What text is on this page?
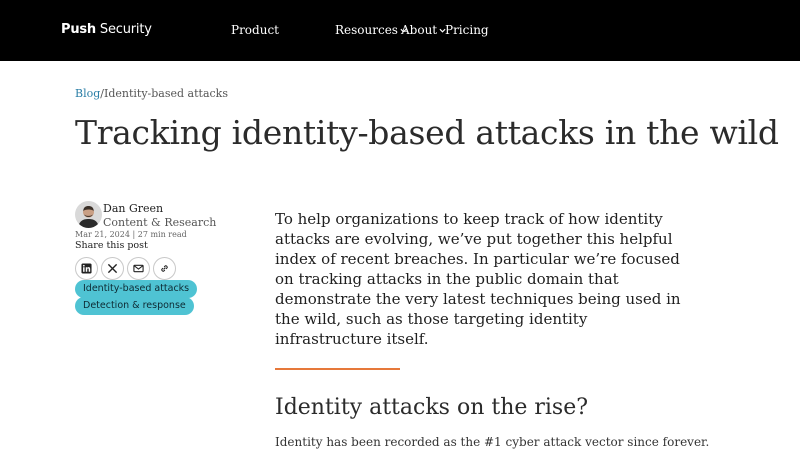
Push Security	Product	Resources About Pricing
Blog/Identity-based attacks
Tracking identity-based attacks in the wild
Dan Green
Content & Research
Mar 21, 2024 | 27 min read
Share this post
Identity-based attacks
Detection & response

To help organizations to keep track of how identity attacks are evolving, we’ve put together this helpful index of recent breaches. In particular we’re focused on tracking attacks in the public domain that demonstrate the very latest techniques being used in the wild, such as those targeting identity infrastructure itself.

Identity attacks on the rise?

Identity has been recorded as the #1 cyber attack vector since forever.
